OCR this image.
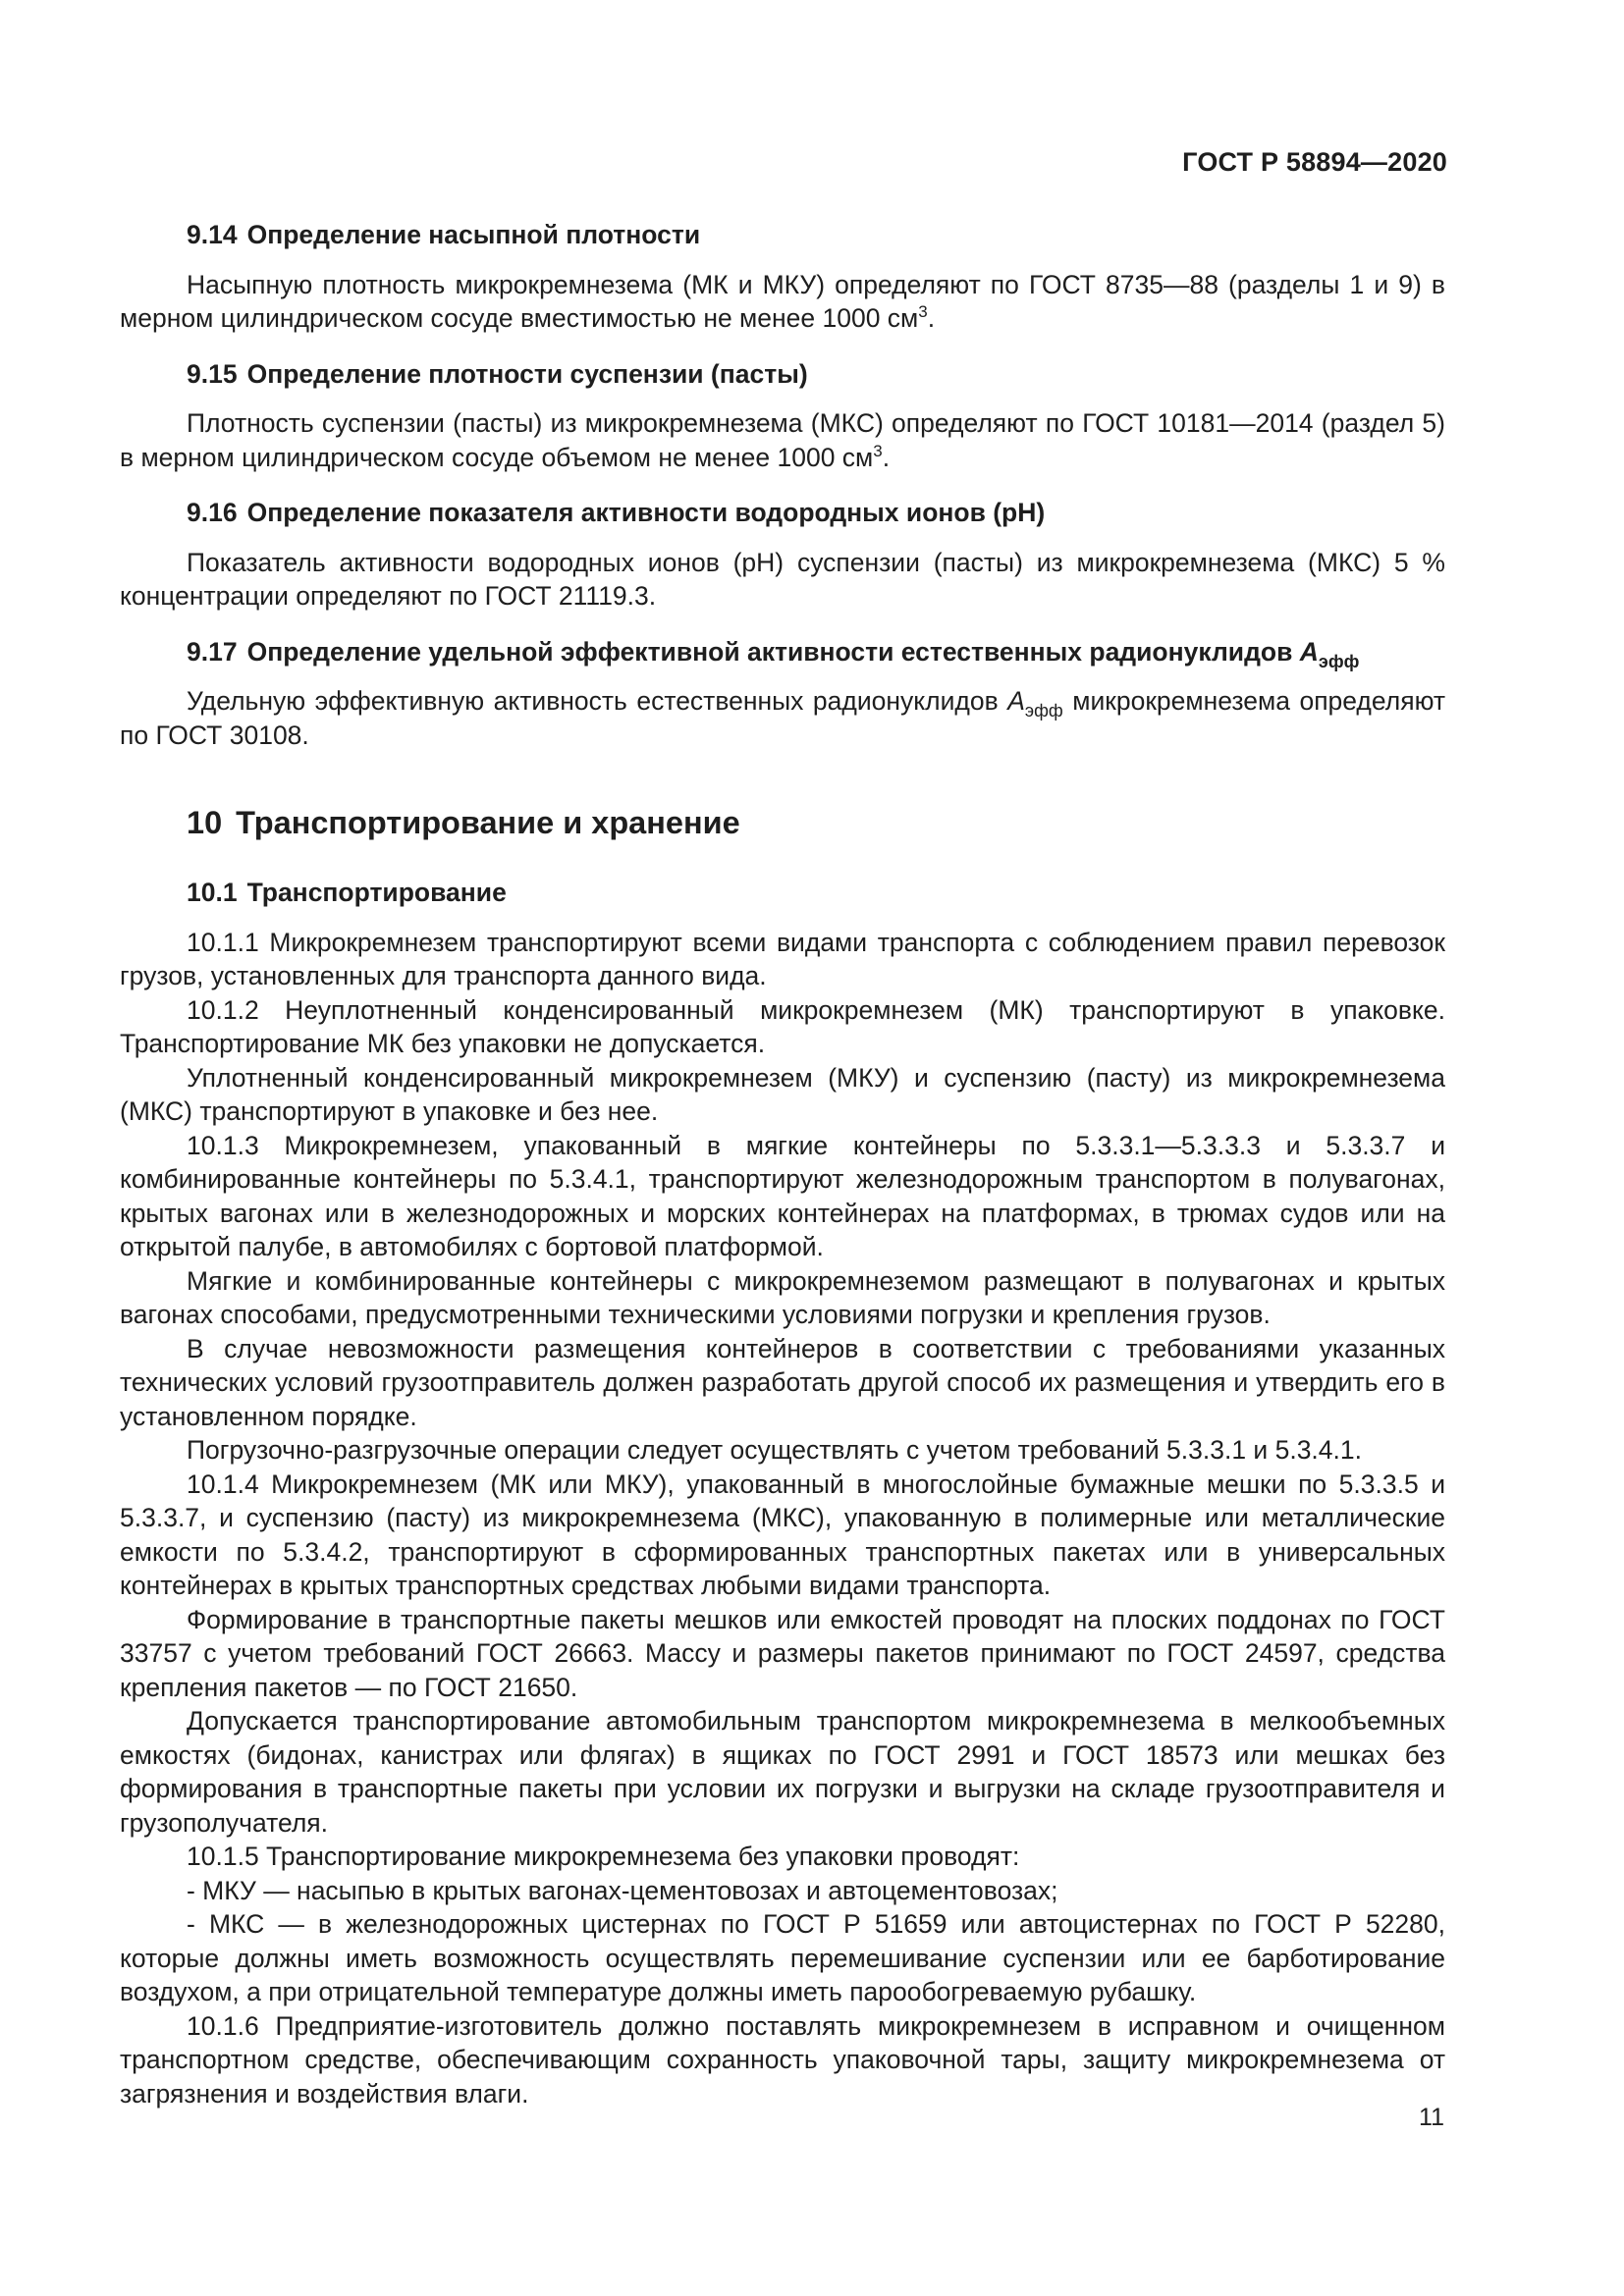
ГОСТ Р 58894—2020

9.14 Определение насыпной плотности

Насыпную плотность микрокремнезема (МК и МКУ) определяют по ГОСТ 8735—88 (разделы 1 и 9) в мерном цилиндрическом сосуде вместимостью не менее 1000 $см^3$.

9.15 Определение плотности суспензии (пасты)

Плотность суспензии (пасты) из микрокремнезема (МКС) определяют по ГОСТ 10181—2014 (раздел 5) в мерном цилиндрическом сосуде объемом не менее 1000 $см^3$.

9.16 Определение показателя активности водородных ионов (pH)

Показатель активности водородных ионов (pH) суспензии (пасты) из микрокремнезема (МКС) 5 % концентрации определяют по ГОСТ 21119.3.

9.17 Определение удельной эффективной активности естественных радионуклидов $A_{эфф}$

Удельную эффективную активность естественных радионуклидов $A_{эфф}$ микрокремнезема определяют по ГОСТ 30108.

10 Транспортирование и хранение

10.1 Транспортирование

10.1.1 Микрокремнезем транспортируют всеми видами транспорта с соблюдением правил перевозок грузов, установленных для транспорта данного вида.

10.1.2 Неуплотненный конденсированный микрокремнезем (МК) транспортируют в упаковке. Транспортирование МК без упаковки не допускается.

Уплотненный конденсированный микрокремнезем (МКУ) и суспензию (пасту) из микрокремнезема (МКС) транспортируют в упаковке и без нее.

10.1.3 Микрокремнезем, упакованный в мягкие контейнеры по 5.3.3.1—5.3.3.3 и 5.3.3.7 и комбинированные контейнеры по 5.3.4.1, транспортируют железнодорожным транспортом в полувагонах, крытых вагонах или в железнодорожных и морских контейнерах на платформах, в трюмах судов или на открытой палубе, в автомобилях с бортовой платформой.

Мягкие и комбинированные контейнеры с микрокремнеземом размещают в полувагонах и крытых вагонах способами, предусмотренными техническими условиями погрузки и крепления грузов.

В случае невозможности размещения контейнеров в соответствии с требованиями указанных технических условий грузоотправитель должен разработать другой способ их размещения и утвердить его в установленном порядке.

Погрузочно-разгрузочные операции следует осуществлять с учетом требований 5.3.3.1 и 5.3.4.1.

10.1.4 Микрокремнезем (МК или МКУ), упакованный в многослойные бумажные мешки по 5.3.3.5 и 5.3.3.7, и суспензию (пасту) из микрокремнезема (МКС), упакованную в полимерные или металлические емкости по 5.3.4.2, транспортируют в сформированных транспортных пакетах или в универсальных контейнерах в крытых транспортных средствах любыми видами транспорта.

Формирование в транспортные пакеты мешков или емкостей проводят на плоских поддонах по ГОСТ 33757 с учетом требований ГОСТ 26663. Массу и размеры пакетов принимают по ГОСТ 24597, средства крепления пакетов — по ГОСТ 21650.

Допускается транспортирование автомобильным транспортом микрокремнезема в мелкообъемных емкостях (бидонах, канистрах или флягах) в ящиках по ГОСТ 2991 и ГОСТ 18573 или мешках без формирования в транспортные пакеты при условии их погрузки и выгрузки на складе грузоотправителя и грузополучателя.

10.1.5 Транспортирование микрокремнезема без упаковки проводят:

- МКУ — насыпью в крытых вагонах-цементовозах и автоцементовозах;

- МКС — в железнодорожных цистернах по ГОСТ Р 51659 или автоцистернах по ГОСТ Р 52280, которые должны иметь возможность осуществлять перемешивание суспензии или ее барботирование воздухом, а при отрицательной температуре должны иметь парообогреваемую рубашку.

10.1.6 Предприятие-изготовитель должно поставлять микрокремнезем в исправном и очищенном транспортном средстве, обеспечивающим сохранность упаковочной тары, защиту микрокремнезема от загрязнения и воздействия влаги.

11
